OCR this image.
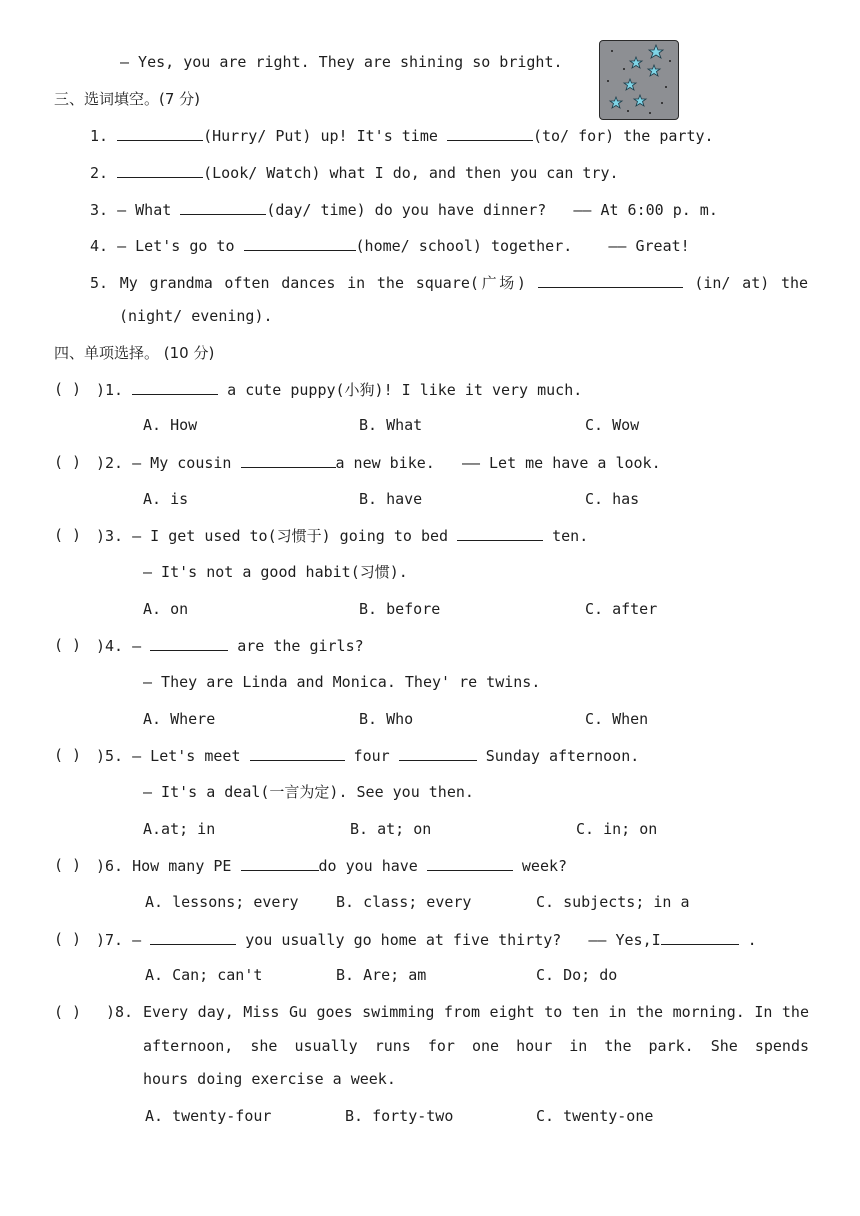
— Yes, you are right. They are shining so bright.
三、选词填空。(7 分)
1.	(Hurry/ Put) up! It's time	(to/ for) the party.
2.	(Look/ Watch) what I do, and then you can try.
3. — What	(day/ time) do you have dinner? —— At 6:00 p. m.
4. — Let's go to	(home/ school) together. —— Great!
5. My grandma often dances in the square(广场)	(in/ at) the
(night/ evening).
四、单项选择。 (10 分)
( ) )1.	a cute puppy(小狗)! I like it very much.
A. How	B. What	C. Wow
( ) )2. — My cousin	a new bike. —— Let me have a look.
A. is	B. have	C. has
( ) )3. — I get used to(习惯于) going to bed	ten.
— It's not a good habit(习惯).
A. on	B. before	C. after
( ) )4. —	are the girls?
— They are Linda and Monica. They' re twins.
A. Where	B. Who	C. When
( ) )5. — Let's meet	four	Sunday afternoon.
— It's a deal(一言为定). See you then.
A.at; in	B. at; on	C. in; on
( ) )6. How many PE	do you have	week?
A. lessons; every B. class; every	C. subjects; in a
( ) )7. —	you usually go home at five thirty? —— Yes,I	.
A. Can; can't	B. Are; am	C. Do; do
( ) )8. Every day, Miss Gu goes swimming from eight to ten in the morning. In the
afternoon, she usually runs for one hour in the park. She spends
hours doing exercise a week.
A. twenty-four	B. forty-two	C. twenty-one
